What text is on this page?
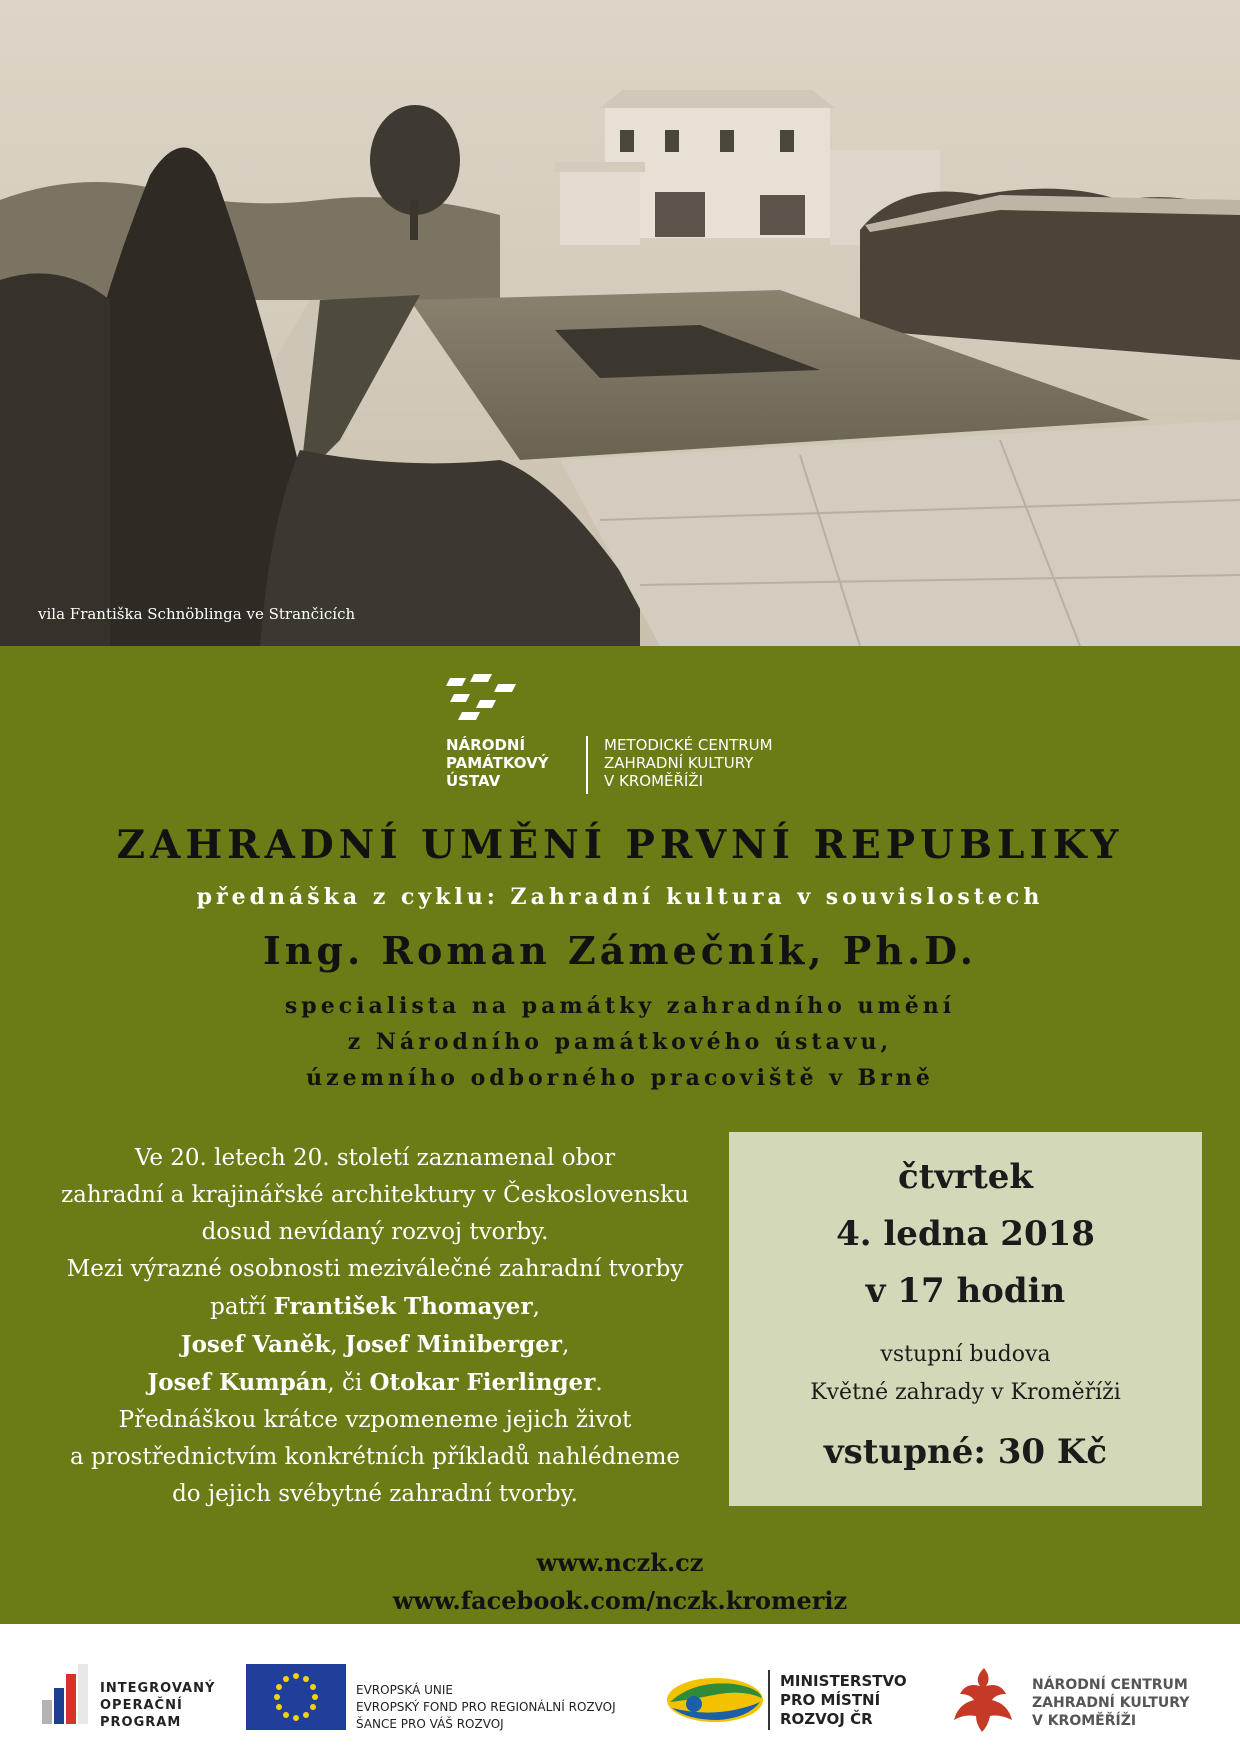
vila Františka Schnöblinga ve Strančicích
NÁRODNÍ
PAMÁTKOVÝ
ÚSTAV
METODICKÉ CENTRUM
ZAHRADNÍ KULTURY
V KROMĚŘÍŽI
ZAHRADNÍ UMĚNÍ PRVNÍ REPUBLIKY
přednáška z cyklu: Zahradní kultura v souvislostech
Ing. Roman Zámečník, Ph.D.
specialista na památky zahradního umění
z Národního památkového ústavu,
územního odborného pracoviště v Brně
Ve 20. letech 20. století zaznamenal obor
zahradní a krajinářské architektury v Československu
dosud nevídaný rozvoj tvorby.
Mezi výrazné osobnosti meziválečné zahradní tvorby
patří František Thomayer,
Josef Vaněk, Josef Miniberger,
Josef Kumpán, či Otokar Fierlinger.
Přednáškou krátce vzpomeneme jejich život
a prostřednictvím konkrétních příkladů nahlédneme
do jejich svébytné zahradní tvorby.
čtvrtek
4. ledna 2018
v 17 hodin
vstupní budova
Květné zahrady v Kroměříži
vstupné: 30 Kč
www.nczk.cz
www.facebook.com/nczk.kromeriz
INTEGROVANÝ
OPERAČNÍ
PROGRAM
EVROPSKÁ UNIE
EVROPSKÝ FOND PRO REGIONÁLNÍ ROZVOJ
ŠANCE PRO VÁŠ ROZVOJ
MINISTERSTVO
PRO MÍSTNÍ
ROZVOJ ČR
NÁRODNÍ CENTRUM
ZAHRADNÍ KULTURY
V KROMĚŘÍŽI
